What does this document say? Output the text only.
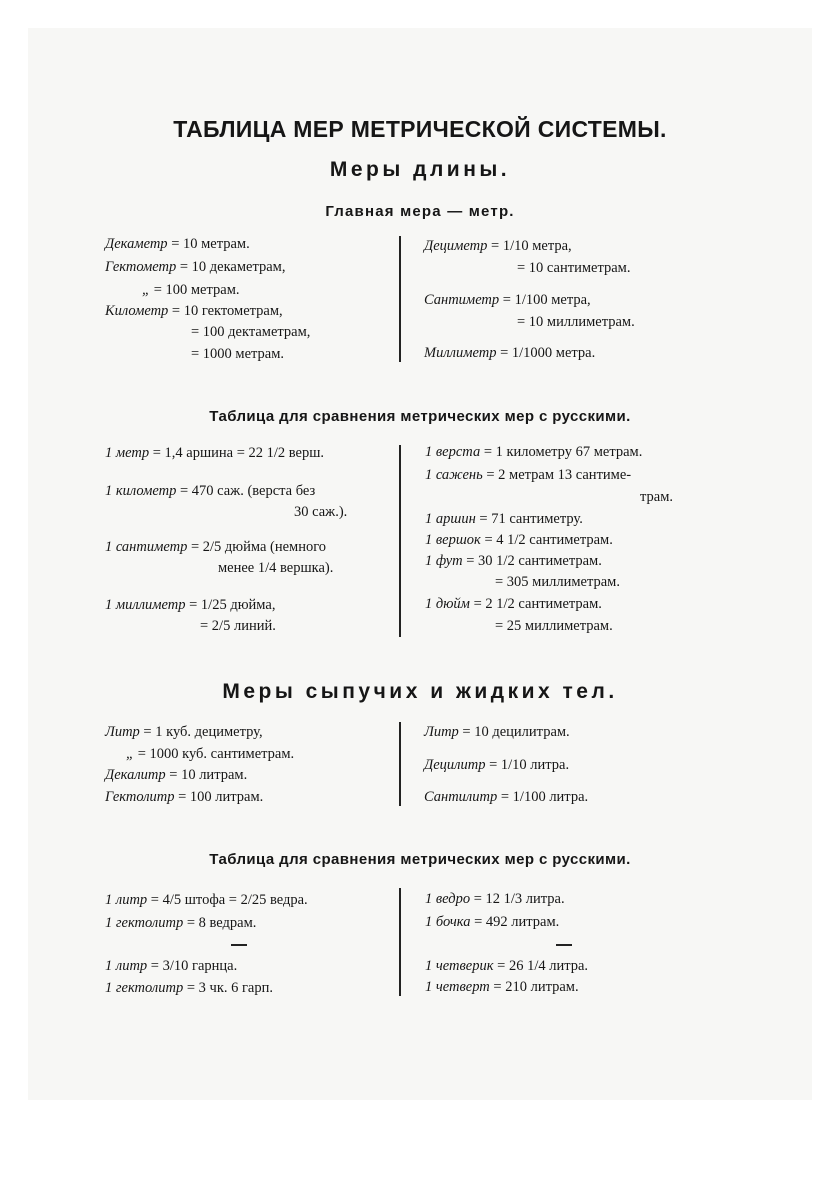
ТАБЛИЦА МЕР МЕТРИЧЕСКОЙ СИСТЕМЫ.
Меры длины.
Главная мера — метр.
Декаметр = 10 метрам.
Гектометр = 10 декаметрам,
„ = 100 метрам.
Километр = 10 гектометрам,
= 100 дектаметрам,
= 1000 метрам.
Дециметр = 1/10 метра,
= 10 сантиметрам.
Сантиметр = 1/100 метра,
= 10 миллиметрам.
Миллиметр = 1/1000 метра.
Таблица для сравнения метрических мер с русскими.
1 метр = 1,4 аршина = 22 1/2 верш.
1 километр = 470 саж. (верста без
30 саж.).
1 сантиметр = 2/5 дюйма (немного
менее 1/4 вершка).
1 миллиметр = 1/25 дюйма,
= 2/5 линий.
1 верста = 1 километру 67 метрам.
1 сажень = 2 метрам 13 сантиме-
трам.
1 аршин = 71 сантиметру.
1 вершок = 4 1/2 сантиметрам.
1 фут = 30 1/2 сантиметрам.
= 305 миллиметрам.
1 дюйм = 2 1/2 сантиметрам.
= 25 миллиметрам.
Меры сыпучих и жидких тел.
Литр = 1 куб. дециметру,
„ = 1000 куб. сантиметрам.
Декалитр = 10 литрам.
Гектолитр = 100 литрам.
Литр = 10 децилитрам.
Децилитр = 1/10 литра.
Сантилитр = 1/100 литра.
Таблица для сравнения метрических мер с русскими.
1 литр = 4/5 штофа = 2/25 ведра.
1 гектолитр = 8 ведрам.
1 литр = 3/10 гарнца.
1 гектолитр = 3 чк. 6 гарп.
1 ведро = 12 1/3 литра.
1 бочка = 492 литрам.
1 четверик = 26 1/4 литра.
1 четверт = 210 литрам.
